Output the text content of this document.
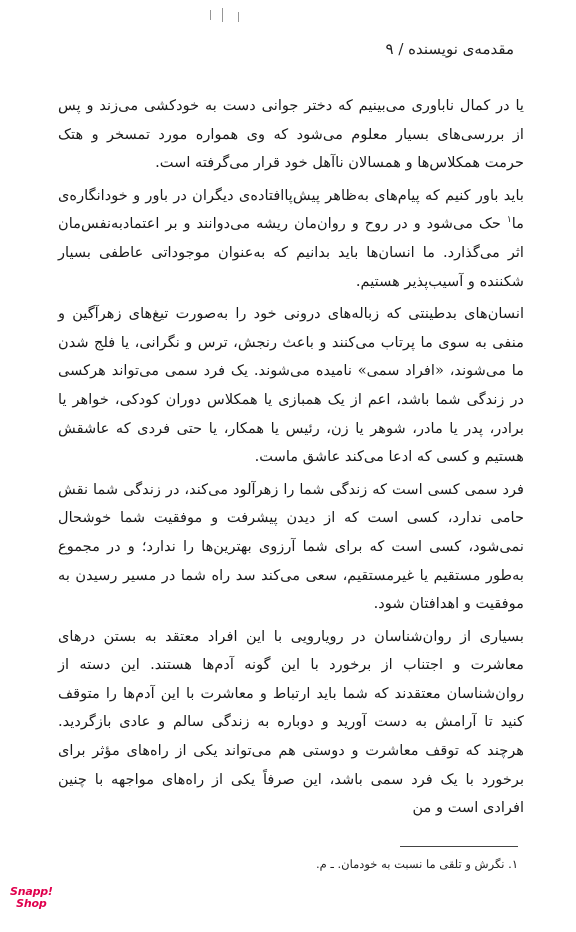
مقدمه‌ی نویسنده / ۹

یا در کمال ناباوری می‌بینیم که دختر جوانی دست به خودکشی می‌زند و پس از بررسی‌های بسیار معلوم می‌شود که وی همواره مورد تمسخر و هتک حرمت همکلاس‌ها و همسالان ناآهل خود قرار می‌گرفته است.

باید باور کنیم که پیام‌های به‌ظاهر پیش‌پاافتاده‌ی دیگران در باور و خودانگاره‌ی ما$^۱$ حک می‌شود و در روح و روان‌مان ریشه می‌دوانند و بر اعتمادبه‌نفس‌مان اثر می‌گذارد. ما انسان‌ها باید بدانیم که به‌عنوان موجوداتی عاطفی بسیار شکننده و آسیب‌پذیر هستیم.

انسان‌های بدطینتی که زباله‌های درونی خود را به‌صورت تیغ‌های زهرآگین و منفی به سوی ما پرتاب می‌کنند و باعث رنجش، ترس و نگرانی، یا فلج شدن ما می‌شوند، «افراد سمی» نامیده می‌شوند. یک فرد سمی می‌تواند هرکسی در زندگی شما باشد، اعم از یک همبازی یا همکلاس دوران کودکی، خواهر یا برادر، پدر یا مادر، شوهر یا زن، رئیس یا همکار، یا حتی فردی که عاشقش هستیم و کسی که ادعا می‌کند عاشق ماست.

فرد سمی کسی است که زندگی شما را زهرآلود می‌کند، در زندگی شما نقش حامی ندارد، کسی است که از دیدن پیشرفت و موفقیت شما خوشحال نمی‌شود، کسی است که برای شما آرزوی بهترین‌ها را ندارد؛ و در مجموع به‌طور مستقیم یا غیرمستقیم، سعی می‌کند سد راه شما در مسیر رسیدن به موفقیت و اهدافتان شود.

بسیاری از روان‌شناسان در رویارویی با این افراد معتقد به بستن درهای معاشرت و اجتناب از برخورد با این گونه آدم‌ها هستند. این دسته از روان‌شناسان معتقدند که شما باید ارتباط و معاشرت با این آدم‌ها را متوقف کنید تا آرامش به دست آورید و دوباره به زندگی سالم و عادی بازگردید. هرچند که توقف معاشرت و دوستی هم می‌تواند یکی از راه‌های مؤثر برای برخورد با یک فرد سمی باشد، این صرفاً یکی از راه‌های مواجهه با چنین افرادی است و من

۱. نگرش و تلقی ما نسبت به خودمان. ـ م.
Snapp!
Shop
